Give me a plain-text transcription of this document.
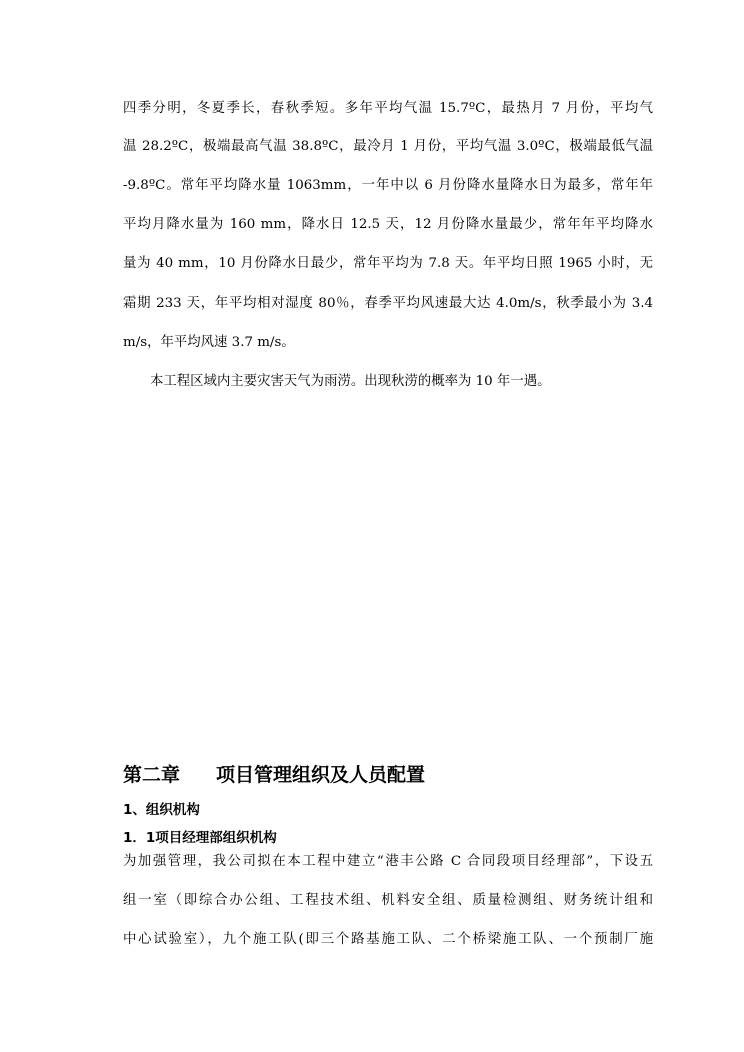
四季分明，冬夏季长，春秋季短。多年平均气温 15.7ºC，最热月 7 月份，平均气
温 28.2ºC，极端最高气温 38.8ºC，最冷月 1 月份，平均气温 3.0ºC，极端最低气温
-9.8ºC。常年平均降水量 1063mm，一年中以 6 月份降水量降水日为最多，常年年
平均月降水量为 160 mm，降水日 12.5 天，12 月份降水量最少，常年年平均降水
量为 40 mm，10 月份降水日最少，常年平均为 7.8 天。年平均日照 1965 小时，无
霜期 233 天，年平均相对湿度 80％，春季平均风速最大达 4.0m/s，秋季最小为 3.4
m/s，年平均风速 3.7 m/s。
本工程区域内主要灾害天气为雨涝。出现秋涝的概率为 10 年一遇。
第二章 项目管理组织及人员配置
1、组织机构
1．1项目经理部组织机构
为加强管理，我公司拟在本工程中建立“港丰公路 C 合同段项目经理部”，下设五
组一室（即综合办公组、工程技术组、机料安全组、质量检测组、财务统计组和
中心试验室），九个施工队(即三个路基施工队、二个桥梁施工队、一个预制厂施
